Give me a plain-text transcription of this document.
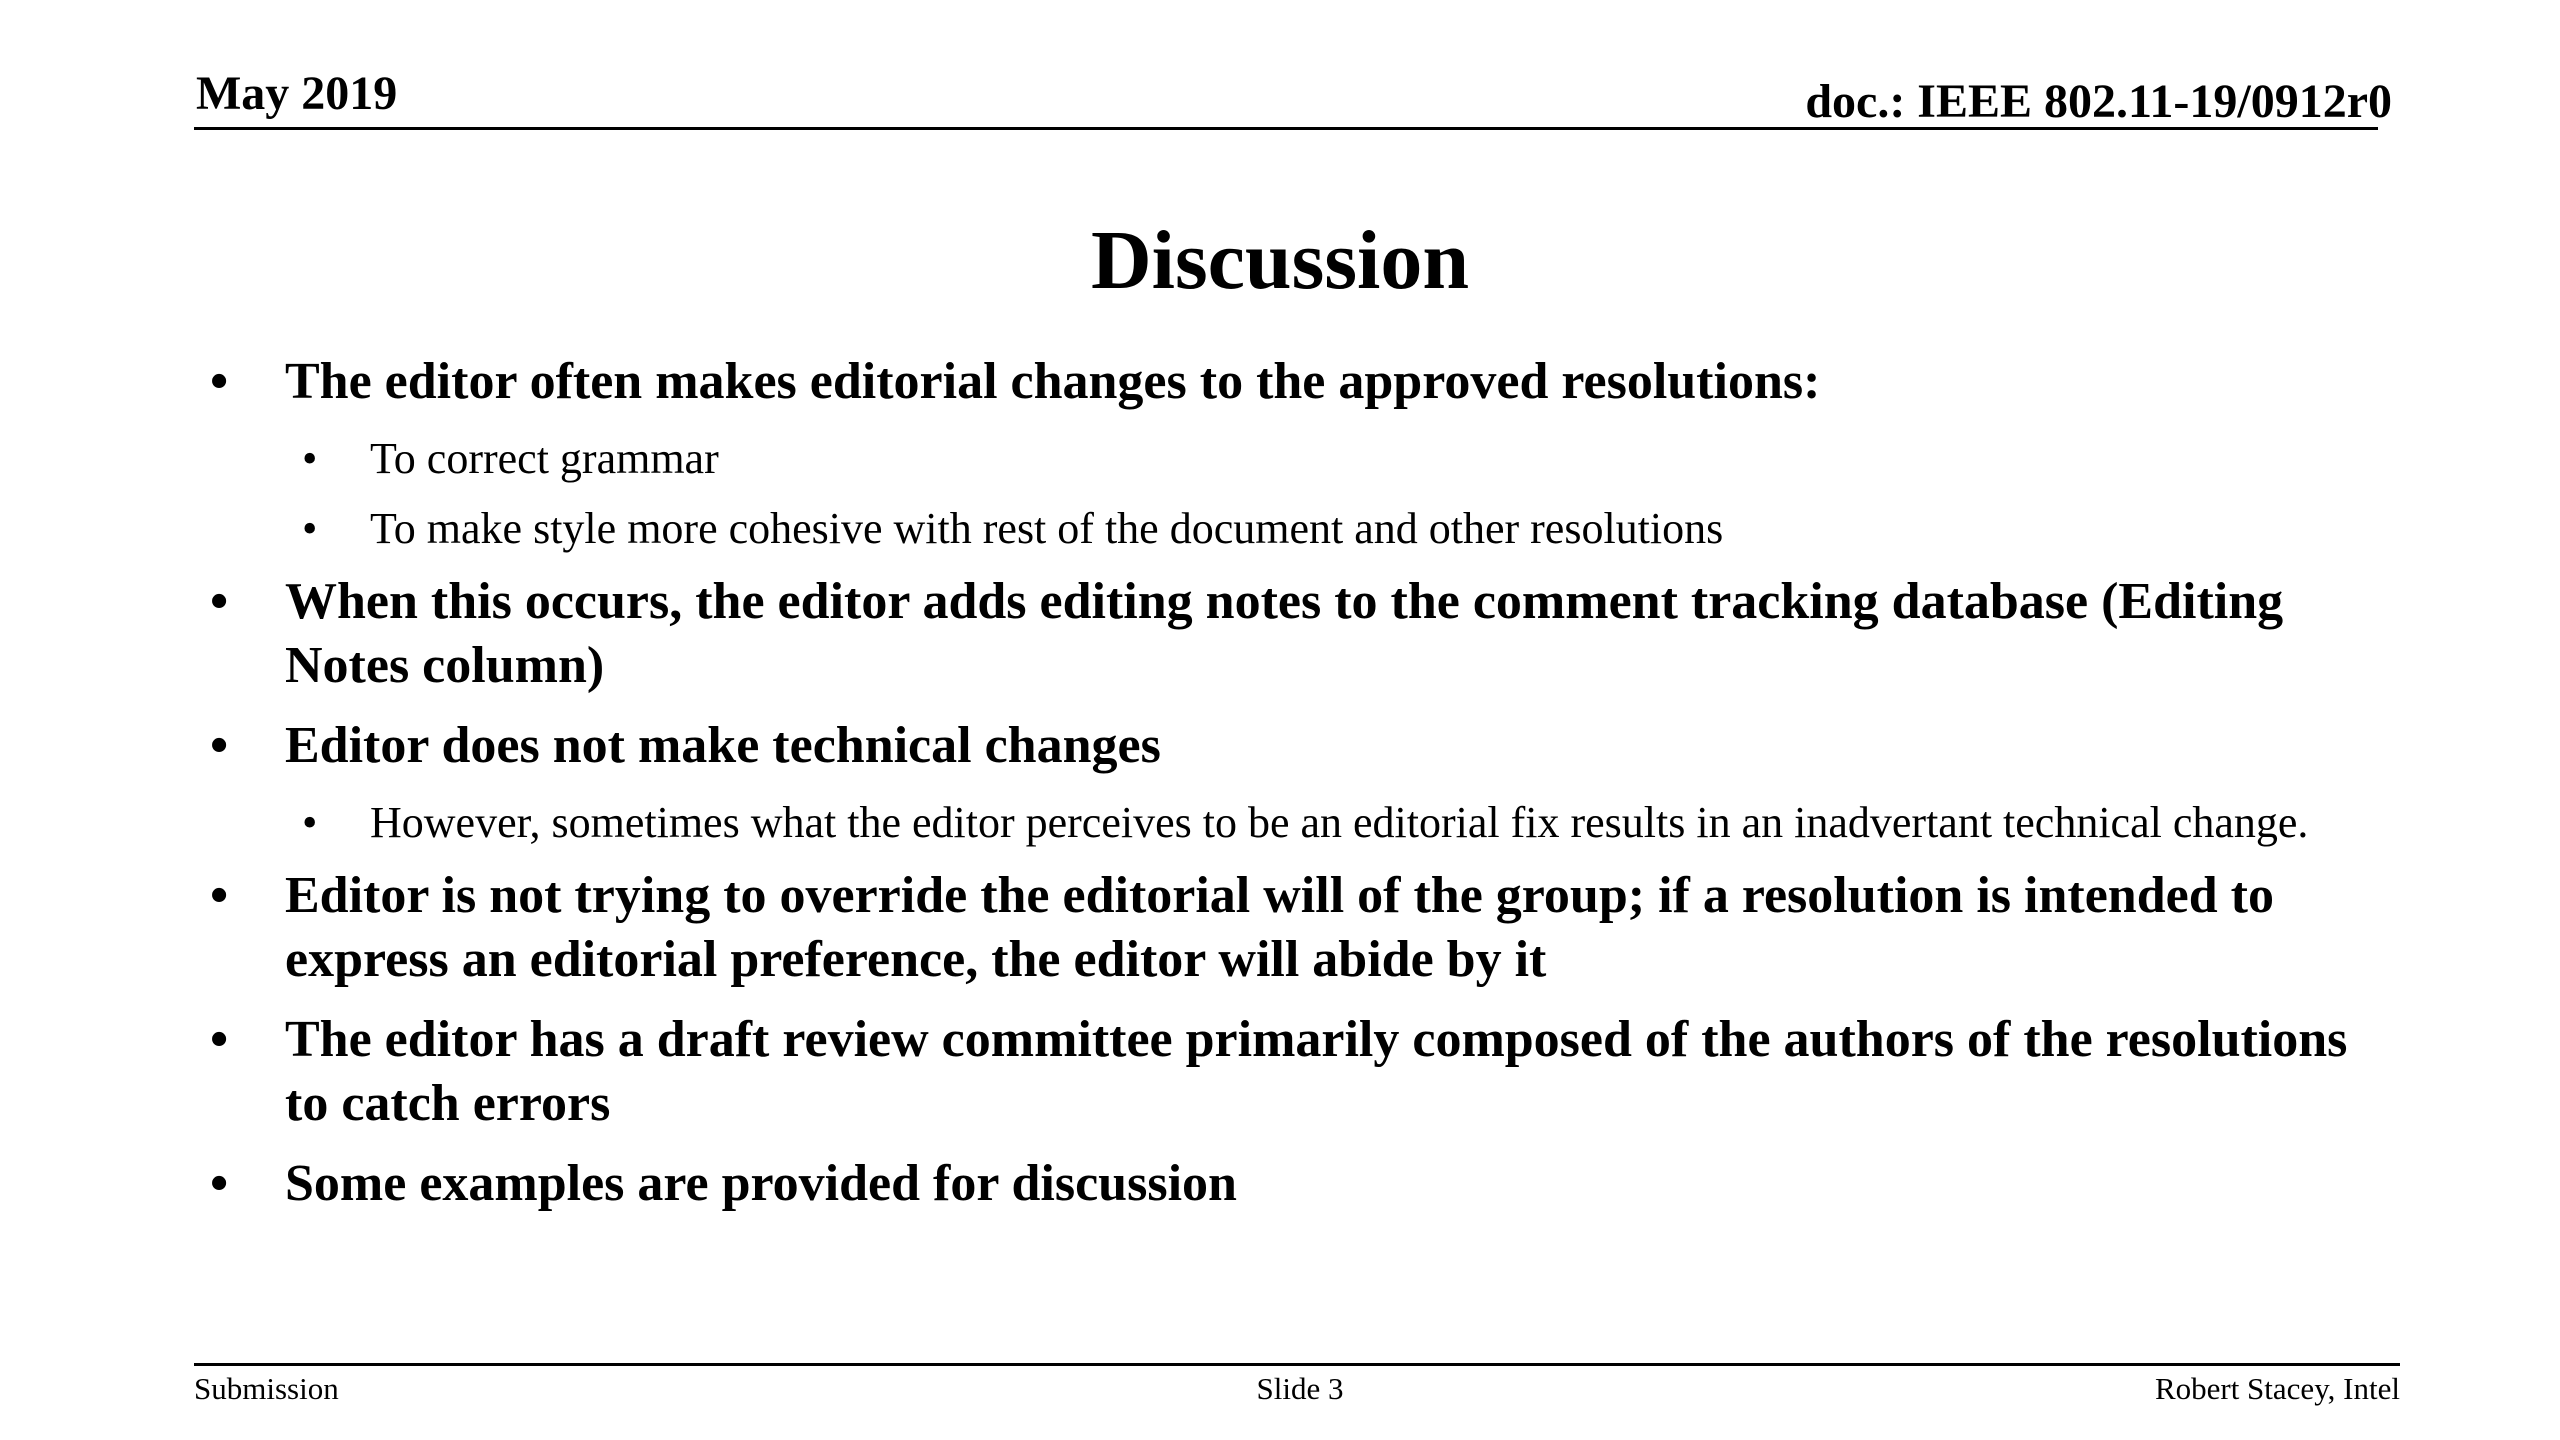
May 2019	doc.: IEEE 802.11-19/0912r0
Discussion
• The editor often makes editorial changes to the approved resolutions:
• To correct grammar
• To make style more cohesive with rest of the document and other resolutions
• When this occurs, the editor adds editing notes to the comment tracking database (Editing Notes column)
• Editor does not make technical changes
• However, sometimes what the editor perceives to be an editorial fix results in an inadvertant technical change.
• Editor is not trying to override the editorial will of the group; if a resolution is intended to express an editorial preference, the editor will abide by it
• The editor has a draft review committee primarily composed of the authors of the resolutions to catch errors
• Some examples are provided for discussion
Submission	Slide 3	Robert Stacey, Intel
